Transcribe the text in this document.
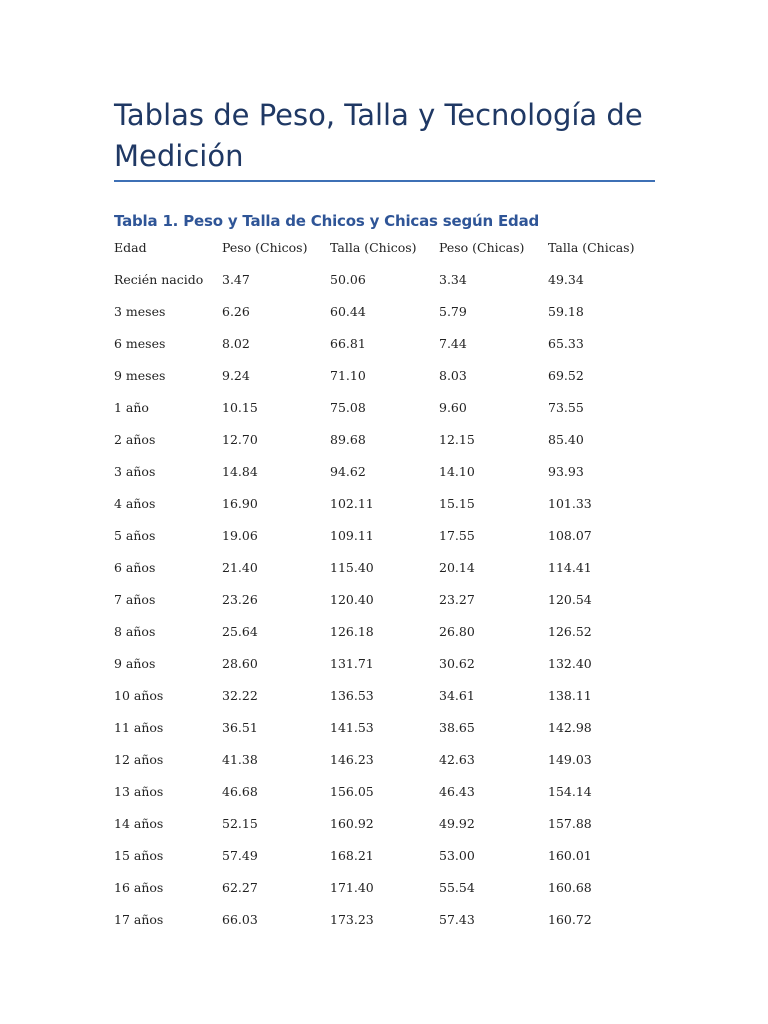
Tablas de Peso, Talla y Tecnología de Medición
Tabla 1. Peso y Talla de Chicos y Chicas según Edad
Edad	Peso (Chicos)	Talla (Chicos)	Peso (Chicas)	Talla (Chicas)
Recién nacido	3.47	50.06	3.34	49.34
3 meses	6.26	60.44	5.79	59.18
6 meses	8.02	66.81	7.44	65.33
9 meses	9.24	71.10	8.03	69.52
1 año	10.15	75.08	9.60	73.55
2 años	12.70	89.68	12.15	85.40
3 años	14.84	94.62	14.10	93.93
4 años	16.90	102.11	15.15	101.33
5 años	19.06	109.11	17.55	108.07
6 años	21.40	115.40	20.14	114.41
7 años	23.26	120.40	23.27	120.54
8 años	25.64	126.18	26.80	126.52
9 años	28.60	131.71	30.62	132.40
10 años	32.22	136.53	34.61	138.11
11 años	36.51	141.53	38.65	142.98
12 años	41.38	146.23	42.63	149.03
13 años	46.68	156.05	46.43	154.14
14 años	52.15	160.92	49.92	157.88
15 años	57.49	168.21	53.00	160.01
16 años	62.27	171.40	55.54	160.68
17 años	66.03	173.23	57.43	160.72
